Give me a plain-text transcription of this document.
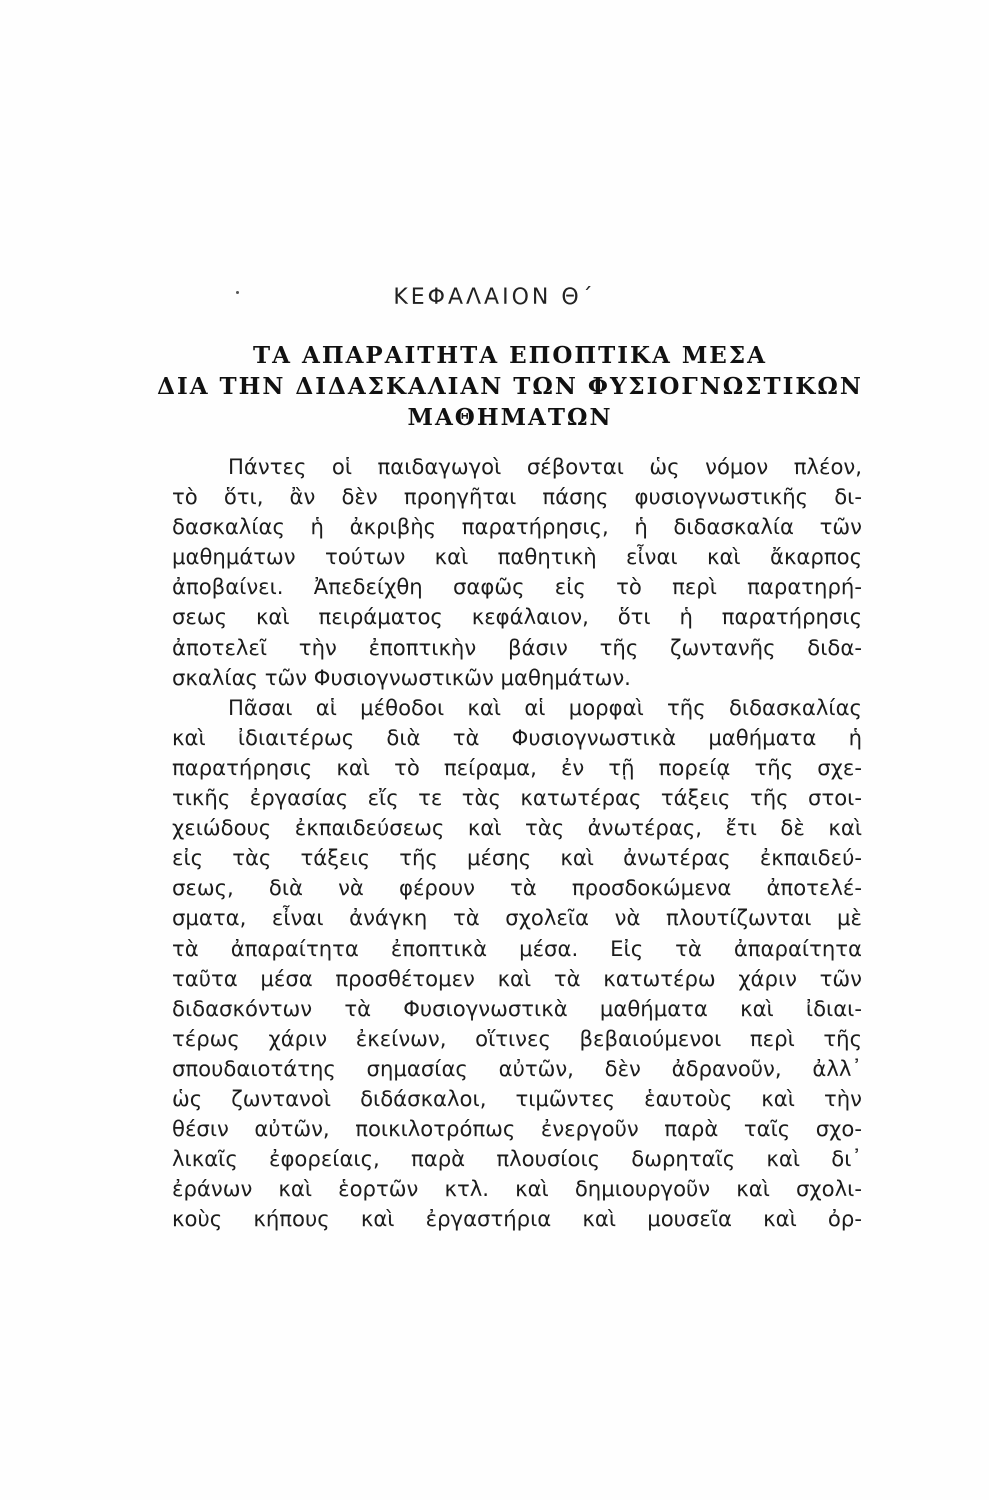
ΚΕΦΑΛΑΙΟΝ Θ΄
ΤΑ ΑΠΑΡΑΙΤΗΤΑ ΕΠΟΠΤΙΚΑ ΜΕΣΑ
ΔΙΑ ΤΗΝ ΔΙΔΑΣΚΑΛΙΑΝ ΤΩΝ ΦΥΣΙΟΓΝΩΣΤΙΚΩΝ
ΜΑΘΗΜΑΤΩΝ
Πάντες οἱ παιδαγωγοὶ σέβονται ὡς νόμον πλέον,
τὸ ὅτι, ἂν δὲν προηγῆται πάσης φυσιογνωστικῆς δι-
δασκαλίας ἡ ἀκριβὴς παρατήρησις, ἡ διδασκαλία τῶν
μαθημάτων τούτων καὶ παθητικὴ εἶναι καὶ ἄκαρπος
ἀποβαίνει. Ἀπεδείχθη σαφῶς εἰς τὸ περὶ παρατηρή-
σεως καὶ πειράματος κεφάλαιον, ὅτι ἡ παρατήρησις
ἀποτελεῖ τὴν ἐποπτικὴν βάσιν τῆς ζωντανῆς διδα-
σκαλίας τῶν Φυσιογνωστικῶν μαθημάτων.
Πᾶσαι αἱ μέθοδοι καὶ αἱ μορφαὶ τῆς διδασκαλίας
καὶ ἰδιαιτέρως διὰ τὰ Φυσιογνωστικὰ μαθήματα ἡ
παρατήρησις καὶ τὸ πείραμα, ἐν τῇ πορείᾳ τῆς σχε-
τικῆς ἐργασίας εἴς τε τὰς κατωτέρας τάξεις τῆς στοι-
χειώδους ἐκπαιδεύσεως καὶ τὰς ἀνωτέρας, ἔτι δὲ καὶ
εἰς τὰς τάξεις τῆς μέσης καὶ ἀνωτέρας ἐκπαιδεύ-
σεως, διὰ νὰ φέρουν τὰ προσδοκώμενα ἀποτελέ-
σματα, εἶναι ἀνάγκη τὰ σχολεῖα νὰ πλουτίζωνται μὲ
τὰ ἀπαραίτητα ἐποπτικὰ μέσα. Εἰς τὰ ἀπαραίτητα
ταῦτα μέσα προσθέτομεν καὶ τὰ κατωτέρω χάριν τῶν
διδασκόντων τὰ Φυσιογνωστικὰ μαθήματα καὶ ἰδιαι-
τέρως χάριν ἐκείνων, οἵτινες βεβαιούμενοι περὶ τῆς
σπουδαιοτάτης σημασίας αὐτῶν, δὲν ἀδρανοῦν, ἀλλ᾽
ὡς ζωντανοὶ διδάσκαλοι, τιμῶντες ἑαυτοὺς καὶ τὴν
θέσιν αὐτῶν, ποικιλοτρόπως ἐνεργοῦν παρὰ ταῖς σχο-
λικαῖς ἐφορείαις, παρὰ πλουσίοις δωρηταῖς καὶ δι᾽
ἐράνων καὶ ἑορτῶν κτλ. καὶ δημιουργοῦν καὶ σχολι-
κοὺς κήπους καὶ ἐργαστήρια καὶ μουσεῖα καὶ ὀρ-
